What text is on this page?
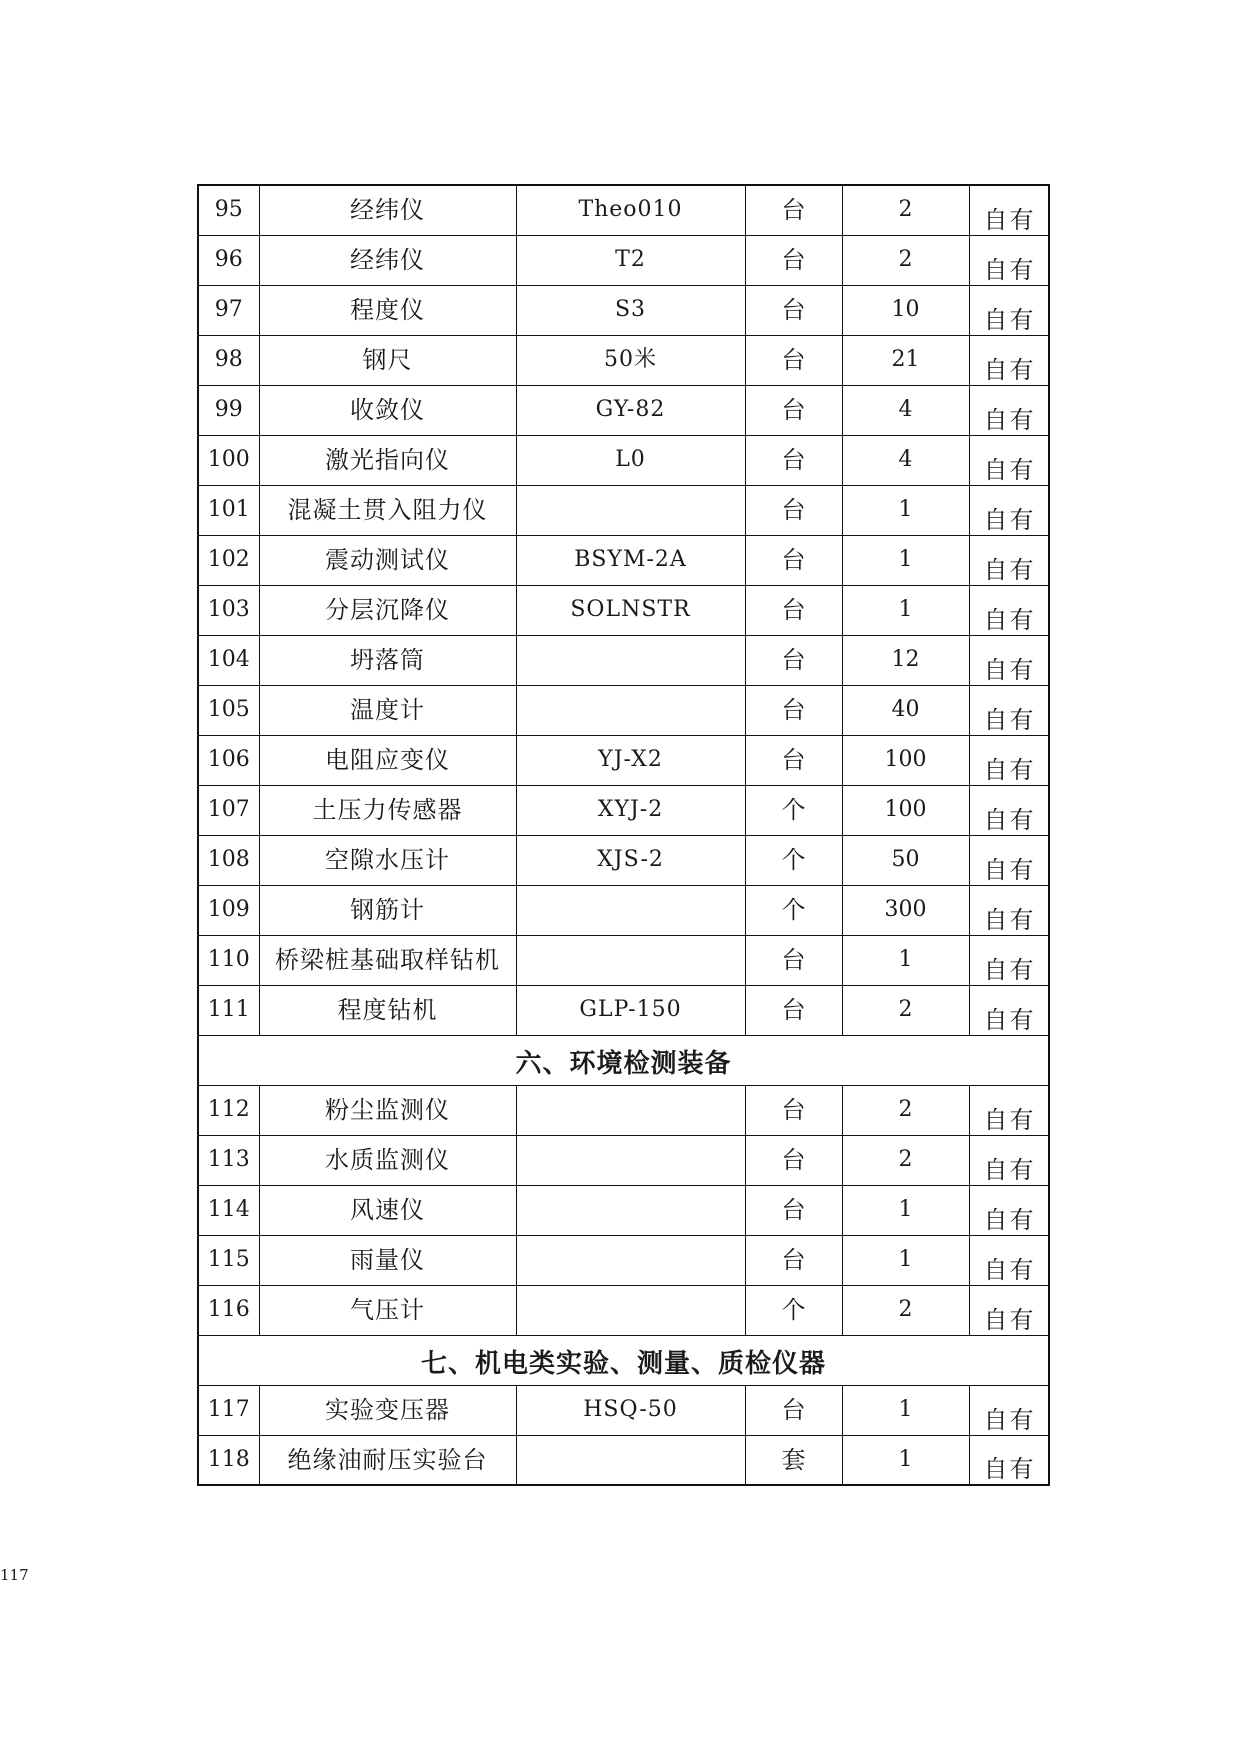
95	经纬仪	Theo010	台	2	自有
96	经纬仪	T2	台	2	自有
97	程度仪	S3	台	10	自有
98	钢尺	50米	台	21	自有
99	收敛仪	GY-82	台	4	自有
100	激光指向仪	L0	台	4	自有
101	混凝土贯入阻力仪		台	1	自有
102	震动测试仪	BSYM-2A	台	1	自有
103	分层沉降仪	SOLNSTR	台	1	自有
104	坍落筒		台	12	自有
105	温度计		台	40	自有
106	电阻应变仪	YJ-X2	台	100	自有
107	土压力传感器	XYJ-2	个	100	自有
108	空隙水压计	XJS-2	个	50	自有
109	钢筋计		个	300	自有
110	桥梁桩基础取样钻机		台	1	自有
111	程度钻机	GLP-150	台	2	自有
六、环境检测装备					
112	粉尘监测仪		台	2	自有
113	水质监测仪		台	2	自有
114	风速仪		台	1	自有
115	雨量仪		台	1	自有
116	气压计		个	2	自有
七、机电类实验、测量、质检仪器					
117	实验变压器	HSQ-50	台	1	自有
118	绝缘油耐压实验台		套	1	自有
117
